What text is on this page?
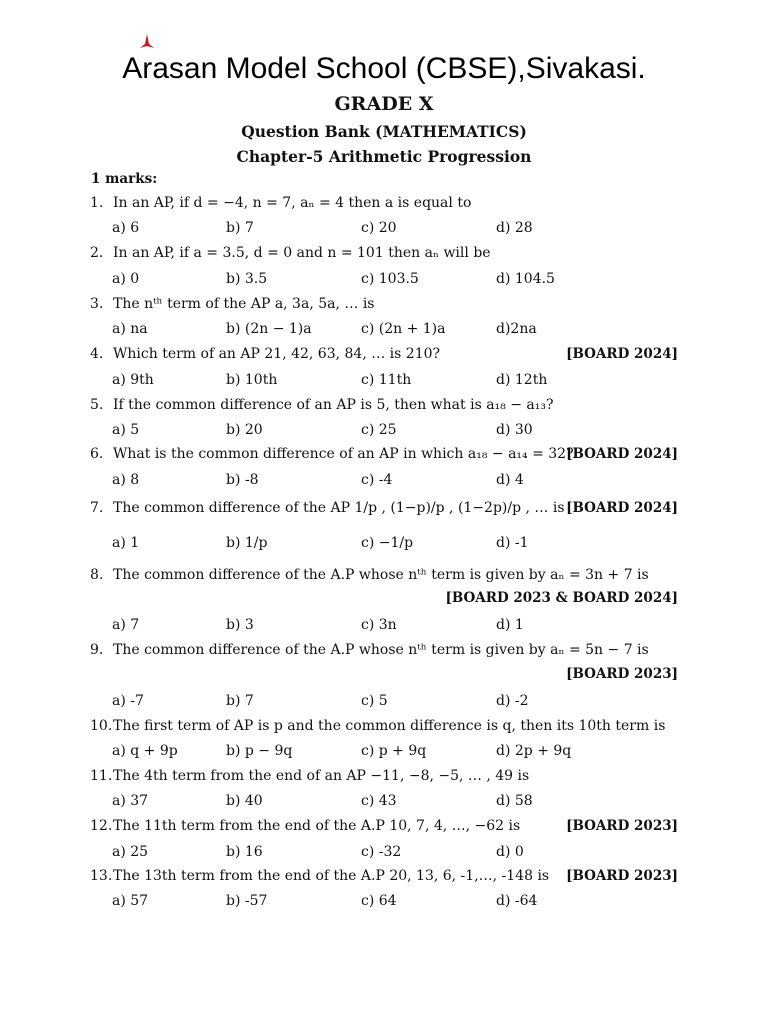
Arasan Model School (CBSE),Sivakasi.
GRADE X
Question Bank (MATHEMATICS)
Chapter-5 Arithmetic Progression
1 marks:
1. In an AP, if d = −4, n = 7, aₙ = 4 then a is equal to
a) 6	b) 7	c) 20	d) 28
2. In an AP, if a = 3.5, d = 0 and n = 101 then aₙ will be
a) 0	b) 3.5	c) 103.5	d) 104.5
3. The nᵗʰ term of the AP a, 3a, 5a, … is
a) na	b) (2n − 1)a	c) (2n + 1)a	d)2na
4. Which term of an AP 21, 42, 63, 84, … is 210?	[BOARD 2024]
a) 9th	b) 10th	c) 11th	d) 12th
5. If the common difference of an AP is 5, then what is a₁₈ − a₁₃?
a) 5	b) 20	c) 25	d) 30
6. What is the common difference of an AP in which a₁₈ − a₁₄ = 32?
[BOARD 2024]
a) 8	b) -8	c) -4	d) 4
7. The common difference of the AP 1/p , (1−p)/p , (1−2p)/p , … is [BOARD 2024]
a) 1	b) 1/p	c) −1/p	d) -1
8. The common difference of the A.P whose nᵗʰ term is given by aₙ = 3n + 7 is
[BOARD 2023 & BOARD 2024]
a) 7	b) 3	c) 3n	d) 1
9. The common difference of the A.P whose nᵗʰ term is given by aₙ = 5n − 7 is
[BOARD 2023]
a) -7	b) 7	c) 5	d) -2
10.The first term of AP is p and the common difference is q, then its 10th term is
a) q + 9p	b) p − 9q	c) p + 9q	d) 2p + 9q
11.The 4th term from the end of an AP −11, −8, −5, … , 49 is
a) 37	b) 40	c) 43	d) 58
12.The 11th term from the end of the A.P 10, 7, 4, …, −62 is	[BOARD 2023]
a) 25	b) 16	c) -32	d) 0
13.The 13th term from the end of the A.P 20, 13, 6, -1,…, -148 is [BOARD 2023]
a) 57	b) -57	c) 64	d) -64
